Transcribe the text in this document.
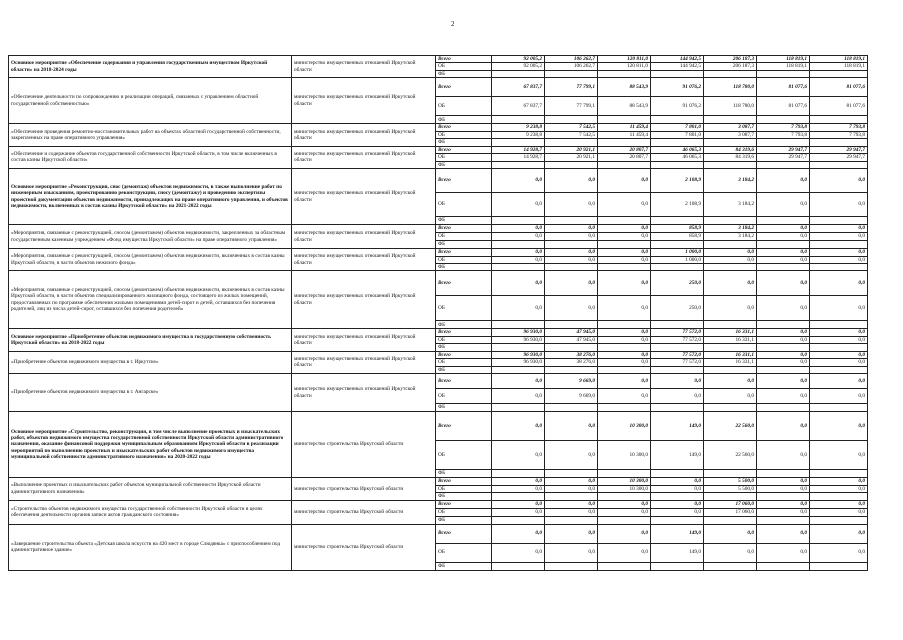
2
Основное мероприятие «Обеспечение содержания и управления государственным имуществом Иркутской области» на 2018-2024 годы	министерство имущественных отношений Иркутской области	Всего	92 005,2	106 262,7	120 811,0	144 942,5	206 187,3	118 819,1	118 819,1
		ОБ	92 005,2	106 262,7	120 811,0	144 942,5	206 187,3	118 819,1	118 819,1
		ФБ							
«Обеспечение деятельности по сопровождению и реализации операций, связанных с управлением областной государственной собственностью»	министерство имущественных отношений Иркутской области	Всего	67 837,7	77 799,1	88 543,9	91 076,2	118 780,0	81 077,6	81 077,6
		ОБ	67 837,7	77 799,1	88 543,9	91 076,2	118 780,0	81 077,6	81 077,6
		ФБ							
«Обеспечение проведения ремонтно-восстановительных работ на объектах областной государственной собственности, закрепленных на праве оперативного управления»	министерство имущественных отношений Иркутской области	Всего	9 238,8	7 542,5	11 459,4	7 801,0	3 087,7	7 793,8	7 793,8
		ОБ	9 238,8	7 542,5	11 459,4	7 801,0	3 087,7	7 793,8	7 793,8
		ФБ							
«Обеспечение и содержание объектов государственной собственности Иркутской области, в том числе включенных в состав казны Иркутской области»	министерство имущественных отношений Иркутской области	Всего	14 928,7	20 921,1	20 807,7	46 065,3	84 319,6	29 947,7	29 947,7
		ОБ	14 928,7	20 921,1	20 807,7	46 065,3	84 319,6	29 947,7	29 947,7
		ФБ							
Основное мероприятие «Реконструкция, снос (демонтаж) объектов недвижимости, в также выполнение работ по инженерным изысканиям, проектированию реконструкции, сносу (демонтажу) и проведению экспертизы проектной документации объектов недвижимости, принадлежащих на праве оперативного управления, и объектов недвижимости, включенных в состав казны Иркутской области» на 2021-2022 годы	министерство имущественных отношений Иркутской области	Всего	0,0	0,0	0,0	2 108,9	3 184,2	0,0	0,0
		ОБ	0,0	0,0	0,0	2 108,9	3 184,2	0,0	0,0
		ФБ							
«Мероприятия, связанные с реконструкцией, сносом (демонтажем) объектов недвижимости, закрепленных за областным государственным казенным учреждением «Фонд имущества Иркутской области» на праве оперативного управления»	министерство имущественных отношений Иркутской области	Всего	0,0	0,0	0,0	858,9	3 184,2	0,0	0,0
		ОБ	0,0	0,0	0,0	858,9	3 184,2	0,0	0,0
		ФБ							
«Мероприятия, связанные с реконструкцией, сносом (демонтажем) объектов недвижимости, включенных в состав казны Иркутской области, в части объектов нежилого фонда»	министерство имущественных отношений Иркутской области	Всего	0,0	0,0	0,0	1 000,0	0,0	0,0	0,0
		ОБ	0,0	0,0	0,0	1 000,0	0,0	0,0	0,0
		ФБ							
«Мероприятия, связанные с реконструкцией, сносом (демонтажем) объектов недвижимости, включенных в состав казны Иркутской области, в части объектов специализированного жилищного фонда, состоящего из жилых помещений, предоставляемых по программе обеспечения жилыми помещениями детей-сирот и детей, оставшихся без попечения родителей, лиц из числа детей-сирот, оставшихся без попечения родителей»	министерство имущественных отношений Иркутской области	Всего	0,0	0,0	0,0	250,0	0,0	0,0	0,0
		ОБ	0,0	0,0	0,0	250,0	0,0	0,0	0,0
		ФБ							
Основное мероприятие «Приобретение объектов недвижимого имущества в государственную собственность Иркутской области» на 2018-2022 годы	министерство имущественных отношений Иркутской области	Всего	96 930,0	47 945,0	0,0	77 572,0	16 331,1	0,0	0,0
		ОБ	96 930,0	47 945,0	0,0	77 572,0	16 331,1	0,0	0,0
		ФБ							
«Приобретение объектов недвижимого имущества в г. Иркутске»	министерство имущественных отношений Иркутской области	Всего	96 930,0	38 276,0	0,0	77 572,0	16 331,1	0,0	0,0
		ОБ	96 930,0	38 276,0	0,0	77 572,0	16 331,1	0,0	0,0
		ФБ							
«Приобретение объектов недвижимого имущества в г. Ангарске»	министерство имущественных отношений Иркутской области	Всего	0,0	9 669,0	0,0	0,0	0,0	0,0	0,0
		ОБ	0,0	9 669,0	0,0	0,0	0,0	0,0	0,0
		ФБ							
Основное мероприятие «Строительство, реконструкция, в том числе выполнение проектных и изыскательских работ, объектов недвижимого имущества государственной собственности Иркутской области административного назначения, оказание финансовой поддержки муниципальным образованиям Иркутской области в реализации мероприятий по выполнению проектных и изыскательских работ объектов недвижимого имущества муниципальной собственности административного назначения» на 2020-2022 годы	министерство строительства Иркутской области	Всего	0,0	0,0	10 300,0	149,0	22 560,0	0,0	0,0
		ОБ	0,0	0,0	10 300,0	149,0	22 560,0	0,0	0,0
		ФБ							
«Выполнение проектных и изыскательских работ объектов муниципальной собственности Иркутской области административного назначения»	министерство строительства Иркутской области	Всего	0,0	0,0	10 300,0	0,0	5 500,0	0,0	0,0
		ОБ	0,0	0,0	10 300,0	0,0	5 500,0	0,0	0,0
		ФБ							
«Строительство объектов недвижимого имущества государственной собственности Иркутской области в целях обеспечения деятельности органов записи актов гражданского состояния»	министерство строительства Иркутской области	Всего	0,0	0,0	0,0	0,0	17 060,0	0,0	0,0
		ОБ	0,0	0,0	0,0	0,0	17 060,0	0,0	0,0
		ФБ							
«Завершение строительства объекта «Детская школа искусств на 420 мест в городе Слюдянка» с приспособлением под административное здание»	министерство строительства Иркутской области	Всего	0,0	0,0	0,0	149,0	0,0	0,0	0,0
		ОБ	0,0	0,0	0,0	149,0	0,0	0,0	0,0
		ФБ							
